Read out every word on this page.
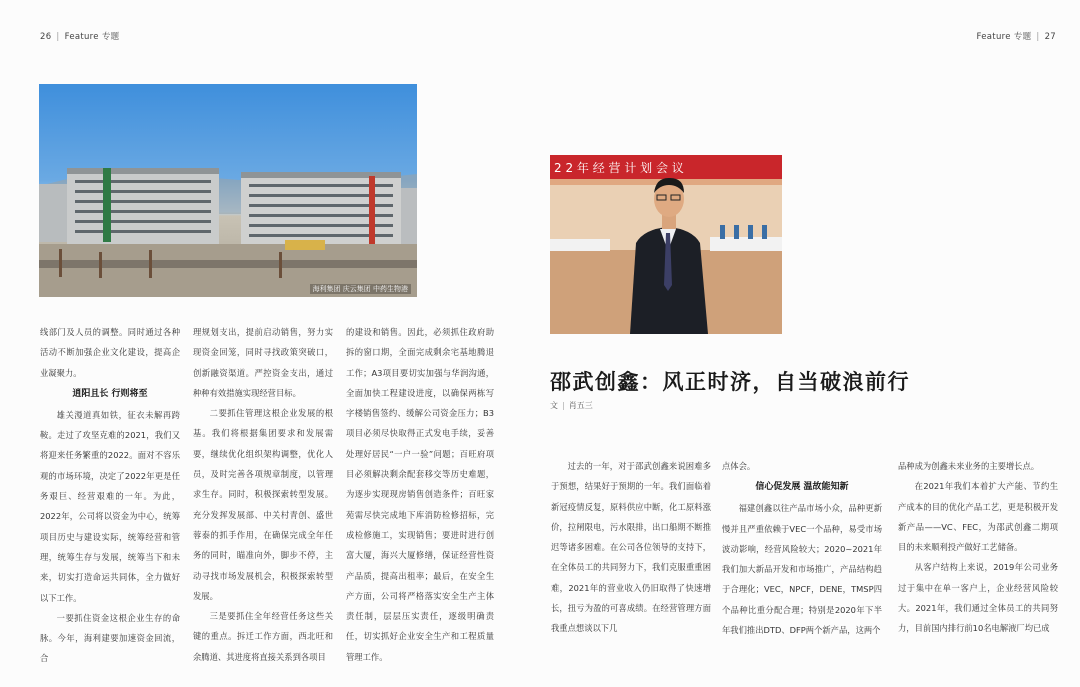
26 | Feature 专题
海利集团 庆云集团 中药生物港

线部门及人员的调整。同时通过各种活动不断加强企业文化建设，提高企业凝聚力。

逍阳且长 行则将至

雄关漫道真如铁，征衣未解再跨鞍。走过了攻坚克难的2021，我们又将迎来任务繁重的2022。面对不容乐观的市场环境，决定了2022年更是任务艰巨、经营艰难的一年。为此，2022年，公司将以资金为中心，统筹项目历史与建设实际，统筹经营和管理，统筹生存与发展，统筹当下和未来，切实打造命运共同体，全力做好以下工作。

一要抓住资金这根企业生存的命脉。今年，海利建要加速资金回流，合

理规划支出，提前启动销售，努力实现资金回笼，同时寻找政策突破口，创新融资渠道。严控资金支出，通过种种有效措施实现经营目标。

二要抓住管理这根企业发展的根基。我们将根据集团要求和发展需要，继续优化组织架构调整，优化人员，及时完善各项规章制度，以管理求生存。同时，积极探索转型发展。充分发挥发展部、中关村青创、盛世蓉泰的抓手作用，在确保完成全年任务的同时，瞄准向外，脚步不停，主动寻找市场发展机会，积极探索转型发展。

三是要抓住全年经营任务这些关键的重点。拆迁工作方面，西北旺和余腾道、其进度将直接关系到各项目

的建设和销售。因此，必须抓住政府助拆的窗口期，全面完成剩余宅基地腾退工作；A3项目要切实加强与华润沟通，全面加快工程建设进度，以确保两栋写字楼销售签约、缓解公司资金压力；B3项目必须尽快取得正式发电手续，妥善处理好居民“一户一验”问题；百旺府项目必须解决剩余配套移交等历史难题，为逐步实现现房销售创造条件；百旺家苑需尽快完成地下库消防检修招标，完成检修施工，实现销售；要进时进行创富大厦，海兴大厦修缮，保证经营性资产品质，提高出租率；最后，在安全生产方面，公司将严格落实安全生产主体责任制，层层压实责任，逐级明确责任，切实抓好企业安全生产和工程质量管理工作。

Feature 专题 | 27
2 2 年 经 营 计 划 会 议
邵武创鑫：风正时济，自当破浪前行
文 | 肖五三

过去的一年，对于邵武创鑫来说困难多于预想，结果好于预期的一年。我们面临着新冠疫情反复，原料供应中断，化工原料涨价，拉闸限电，污水限排，出口船期不断推迟等诸多困难。在公司各位领导的支持下，在全体员工的共同努力下，我们克服重重困难，2021年的营业收入仍旧取得了快速增长，扭亏为盈的可喜成绩。在经营管理方面我重点想谈以下几

点体会。

信心促发展 温故能知新

福建创鑫以往产品市场小众，品种更新慢并且严重依赖于VEC一个品种，易受市场波动影响，经营风险较大；2020~2021年我们加大新品开发和市场推广，产品结构趋于合理化；VEC，NPCF，DENE，TMSP四个品种比重分配合理；特别是2020年下半年我们推出DTD、DFP两个新产品，这两个

品种成为创鑫未来业务的主要增长点。

在2021年我们本着扩大产能、节约生产成本的目的优化产品工艺，更是积极开发新产品——VC、FEC，为邵武创鑫二期项目的未来顺利投产做好工艺储备。

从客户结构上来说，2019年公司业务过于集中在单一客户上，企业经营风险较大。2021年，我们通过全体员工的共同努力，目前国内排行前10名电解液厂均已成
